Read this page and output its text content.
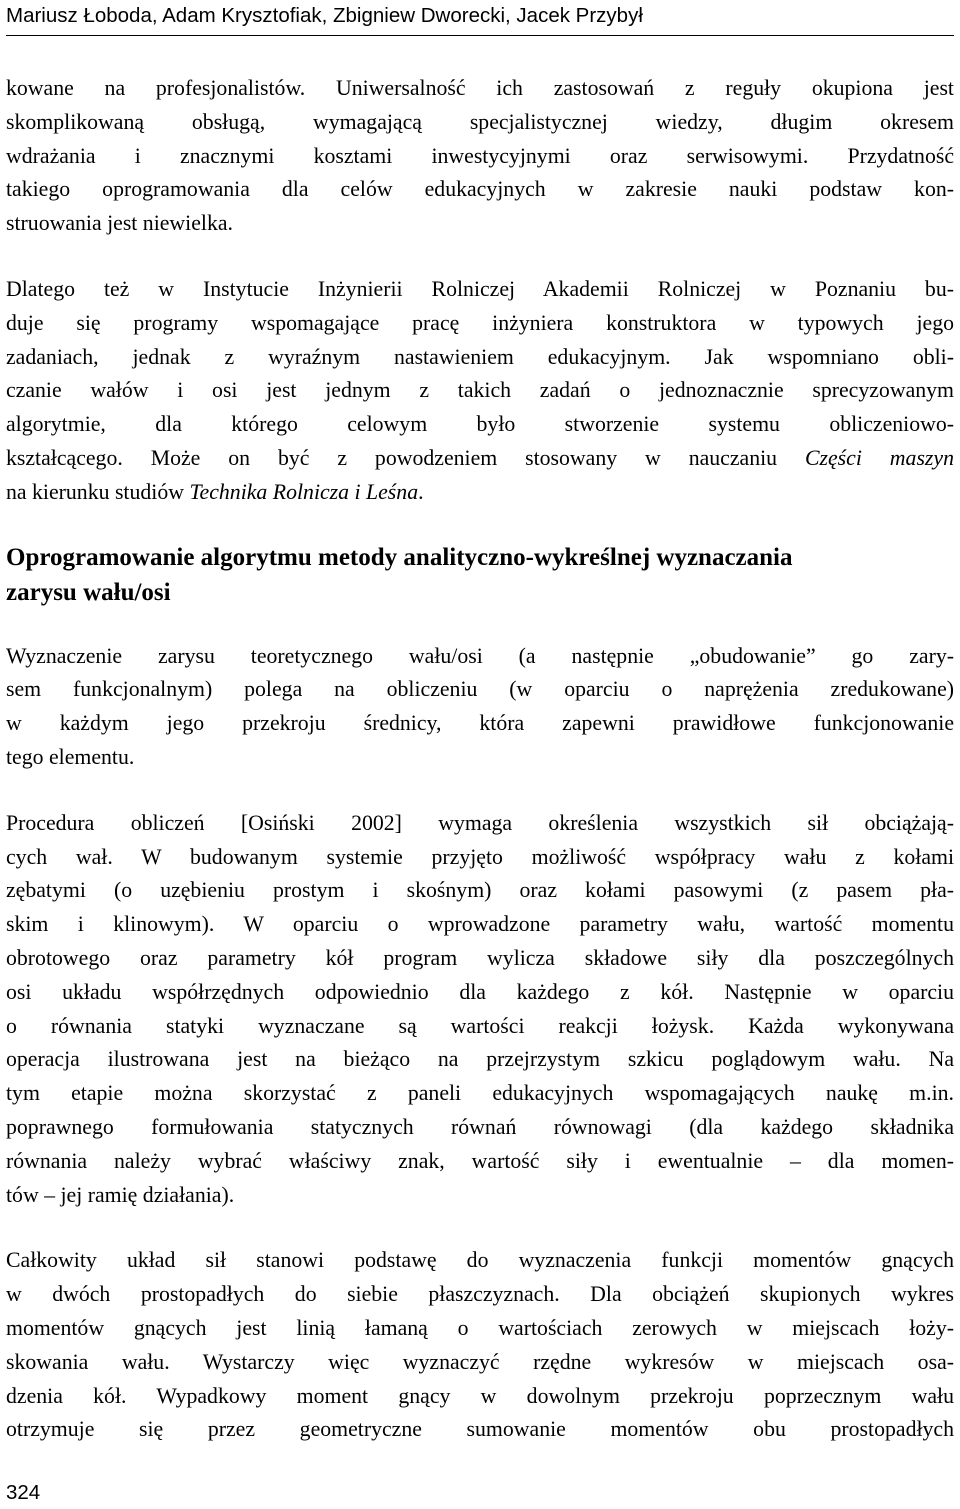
Mariusz Łoboda, Adam Krysztofiak, Zbigniew Dworecki, Jacek Przybył

kowane na profesjonalistów. Uniwersalność ich zastosowań z reguły okupiona jest
skomplikowaną obsługą, wymagającą specjalistycznej wiedzy, długim okresem
wdrażania i znacznymi kosztami inwestycyjnymi oraz serwisowymi. Przydatność
takiego oprogramowania dla celów edukacyjnych w zakresie nauki podstaw kon-
struowania jest niewielka.

Dlatego też w Instytucie Inżynierii Rolniczej Akademii Rolniczej w Poznaniu bu-
duje się programy wspomagające pracę inżyniera konstruktora w typowych jego
zadaniach, jednak z wyraźnym nastawieniem edukacyjnym. Jak wspomniano obli-
czanie wałów i osi jest jednym z takich zadań o jednoznacznie sprecyzowanym
algorytmie, dla którego celowym było stworzenie systemu obliczeniowo-
kształcącego. Może on być z powodzeniem stosowany w nauczaniu Części maszyn
na kierunku studiów Technika Rolnicza i Leśna.

Oprogramowanie algorytmu metody analityczno-wykreślnej wyznaczania
zarysu wału/osi

Wyznaczenie zarysu teoretycznego wału/osi (a następnie „obudowanie” go zary-
sem funkcjonalnym) polega na obliczeniu (w oparciu o naprężenia zredukowane)
w każdym jego przekroju średnicy, która zapewni prawidłowe funkcjonowanie
tego elementu.

Procedura obliczeń [Osiński 2002] wymaga określenia wszystkich sił obciążają-
cych wał. W budowanym systemie przyjęto możliwość współpracy wału z kołami
zębatymi (o uzębieniu prostym i skośnym) oraz kołami pasowymi (z pasem pła-
skim i klinowym). W oparciu o wprowadzone parametry wału, wartość momentu
obrotowego oraz parametry kół program wylicza składowe siły dla poszczególnych
osi układu współrzędnych odpowiednio dla każdego z kół. Następnie w oparciu
o równania statyki wyznaczane są wartości reakcji łożysk. Każda wykonywana
operacja ilustrowana jest na bieżąco na przejrzystym szkicu poglądowym wału. Na
tym etapie można skorzystać z paneli edukacyjnych wspomagających naukę m.in.
poprawnego formułowania statycznych równań równowagi (dla każdego składnika
równania należy wybrać właściwy znak, wartość siły i ewentualnie – dla momen-
tów – jej ramię działania).

Całkowity układ sił stanowi podstawę do wyznaczenia funkcji momentów gnących
w dwóch prostopadłych do siebie płaszczyznach. Dla obciążeń skupionych wykres
momentów gnących jest linią łamaną o wartościach zerowych w miejscach łoży-
skowania wału. Wystarczy więc wyznaczyć rzędne wykresów w miejscach osa-
dzenia kół. Wypadkowy moment gnący w dowolnym przekroju poprzecznym wału
otrzymuje się przez geometryczne sumowanie momentów obu prostopadłych

324
